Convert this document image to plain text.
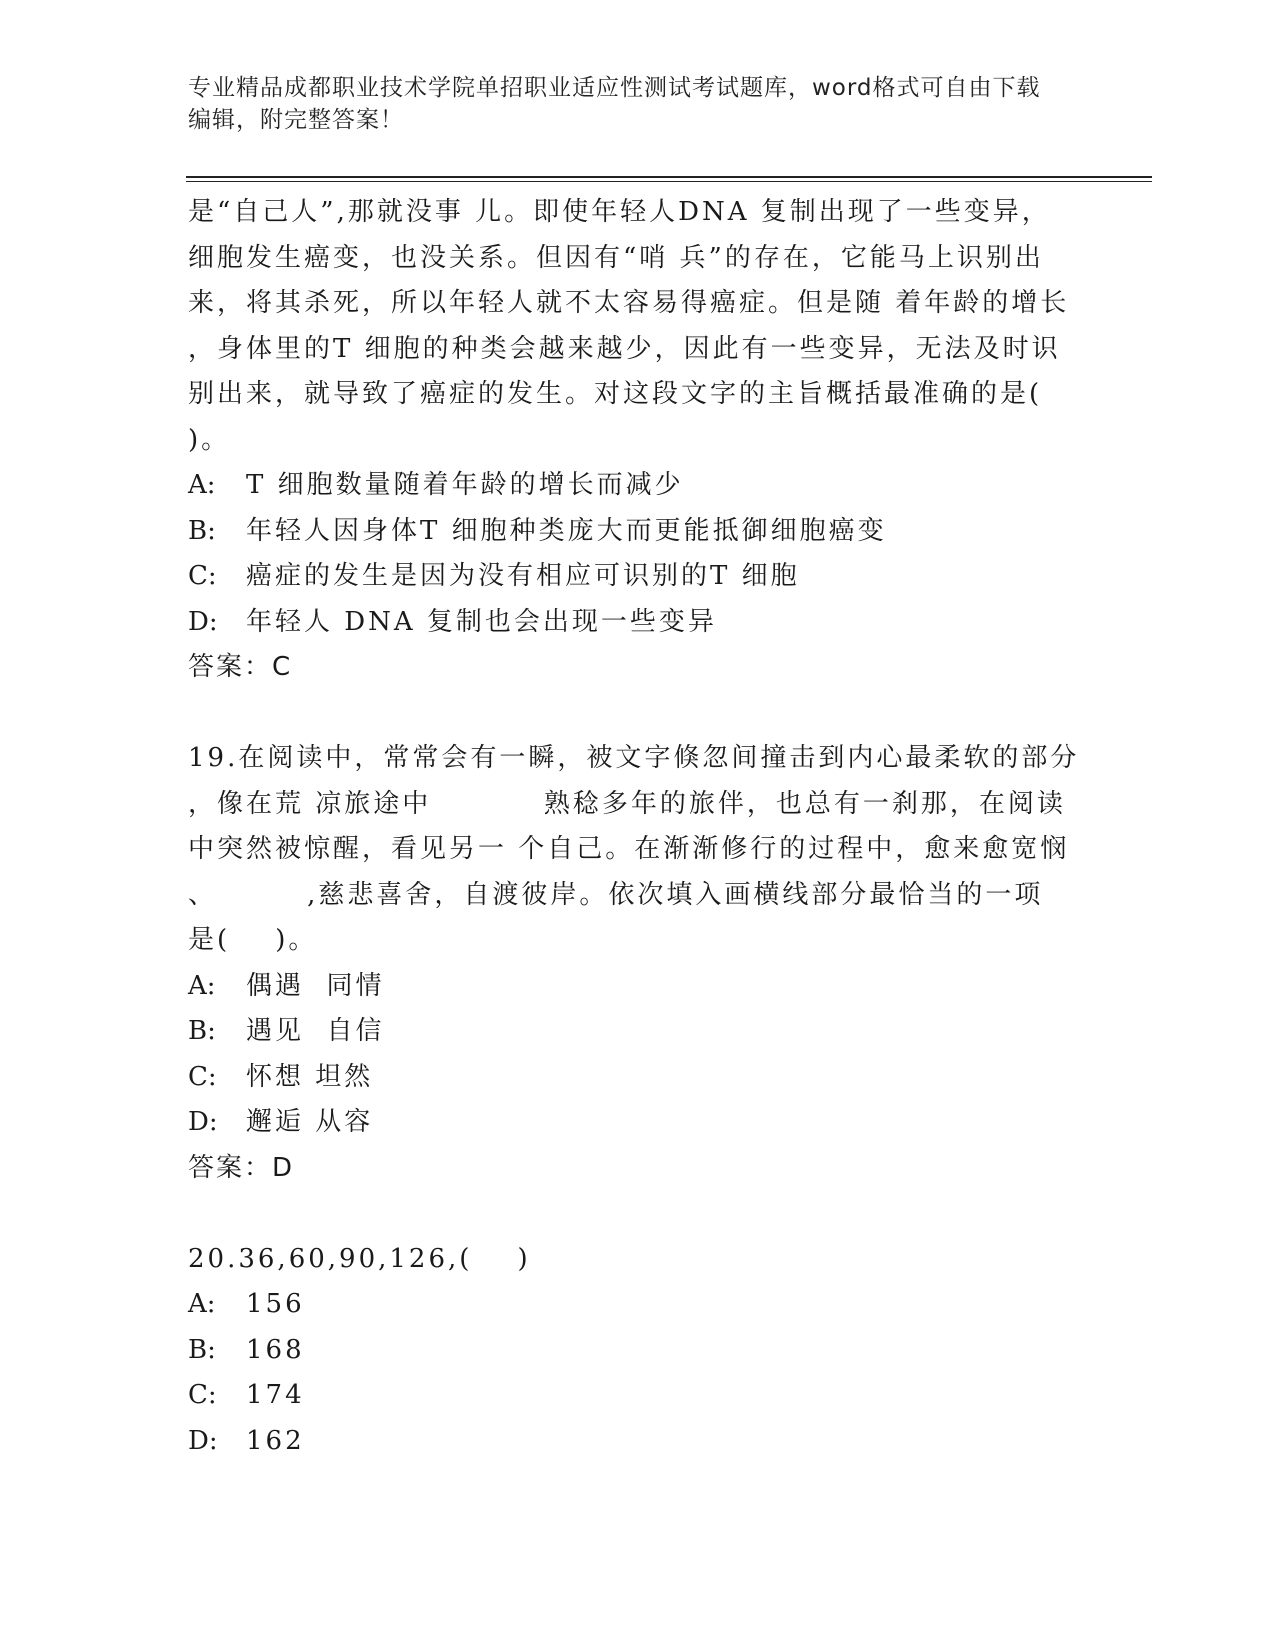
专业精品成都职业技术学院单招职业适应性测试考试题库，word格式可自由下载
编辑，附完整答案！
是“自己人”,那就没事 儿。即使年轻人DNA 复制出现了一些变异，
细胞发生癌变，也没关系。但因有“哨 兵”的存在，它能马上识别出
来，将其杀死，所以年轻人就不太容易得癌症。但是随 着年龄的增长
，身体里的T 细胞的种类会越来越少，因此有一些变异，无法及时识
别出来，就导致了癌症的发生。对这段文字的主旨概括最准确的是(
)。
A: T 细胞数量随着年龄的增长而减少
B: 年轻人因身体T 细胞种类庞大而更能抵御细胞癌变
C: 癌症的发生是因为没有相应可识别的T 细胞
D: 年轻人 DNA 复制也会出现一些变异
答案：C
19.在阅读中，常常会有一瞬，被文字倏忽间撞击到内心最柔软的部分
，像在荒 凉旅途中          熟稔多年的旅伴，也总有一刹那，在阅读
中突然被惊醒，看见另一 个自己。在渐渐修行的过程中，愈来愈宽悯
、        ,慈悲喜舍，自渡彼岸。依次填入画横线部分最恰当的一项
是(    )。
A: 偶遇  同情
B: 遇见  自信
C: 怀想 坦然
D: 邂逅 从容
答案：D
20.36,60,90,126,(    )
A: 156
B: 168
C: 174
D: 162
